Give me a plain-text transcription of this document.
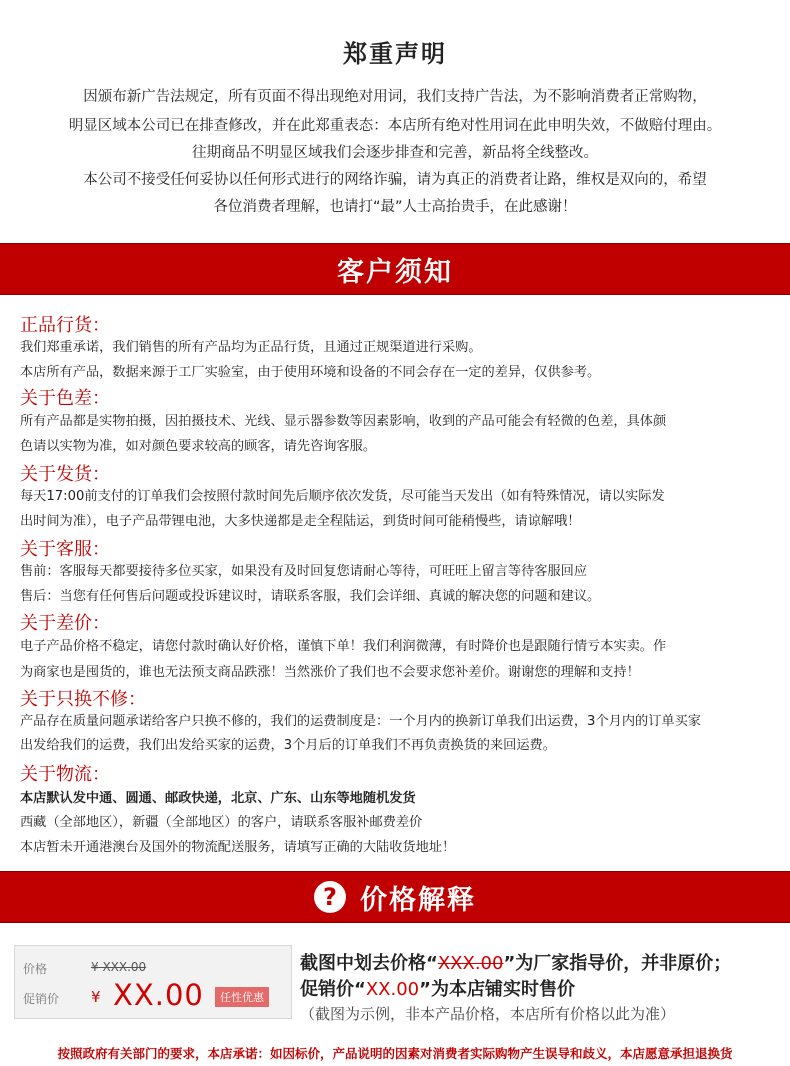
郑重声明
因颁布新广告法规定，所有页面不得出现绝对用词，我们支持广告法，为不影响消费者正常购物，
明显区域本公司已在排查修改，并在此郑重表态：本店所有绝对性用词在此申明失效，不做赔付理由。
往期商品不明显区域我们会逐步排查和完善，新品将全线整改。
本公司不接受任何妥协以任何形式进行的网络诈骗，请为真正的消费者让路，维权是双向的，希望
各位消费者理解，也请打“最”人士高抬贵手，在此感谢！
客户须知
正品行货：
我们郑重承诺，我们销售的所有产品均为正品行货，且通过正规渠道进行采购。
本店所有产品，数据来源于工厂实验室，由于使用环境和设备的不同会存在一定的差异，仅供参考。
关于色差：
所有产品都是实物拍摄，因拍摄技术、光线、显示器参数等因素影响，收到的产品可能会有轻微的色差，具体颜
色请以实物为准，如对颜色要求较高的顾客，请先咨询客服。
关于发货：
每天17:00前支付的订单我们会按照付款时间先后顺序依次发货，尽可能当天发出（如有特殊情况，请以实际发
出时间为准），电子产品带锂电池，大多快递都是走全程陆运，到货时间可能稍慢些，请谅解哦！
关于客服：
售前：客服每天都要接待多位买家，如果没有及时回复您请耐心等待，可旺旺上留言等待客服回应
售后：当您有任何售后问题或投诉建议时，请联系客服，我们会详细、真诚的解决您的问题和建议。
关于差价：
电子产品价格不稳定，请您付款时确认好价格，谨慎下单！我们利润微薄，有时降价也是跟随行情亏本实卖。作
为商家也是囤货的，谁也无法预支商品跌涨！当然涨价了我们也不会要求您补差价。谢谢您的理解和支持！
关于只换不修：
产品存在质量问题承诺给客户只换不修的，我们的运费制度是：一个月内的换新订单我们出运费，3个月内的订单买家
出发给我们的运费，我们出发给买家的运费，3个月后的订单我们不再负责换货的来回运费。
关于物流：
本店默认发中通、圆通、邮政快递，北京、广东、山东等地随机发货
西藏（全部地区），新疆（全部地区）的客户，请联系客服补邮费差价
本店暂未开通港澳台及国外的物流配送服务，请填写正确的大陆收货地址！
? 价格解释
价格	¥ XXX.00
促销价 ¥ XX.00	任性优惠
截图中划去价格“XXX.00”为厂家指导价，并非原价；
促销价“XX.00”为本店铺实时售价
（截图为示例，非本产品价格，本店所有价格以此为准）
按照政府有关部门的要求，本店承诺：如因标价，产品说明的因素对消费者实际购物产生误导和歧义，本店愿意承担退换货
